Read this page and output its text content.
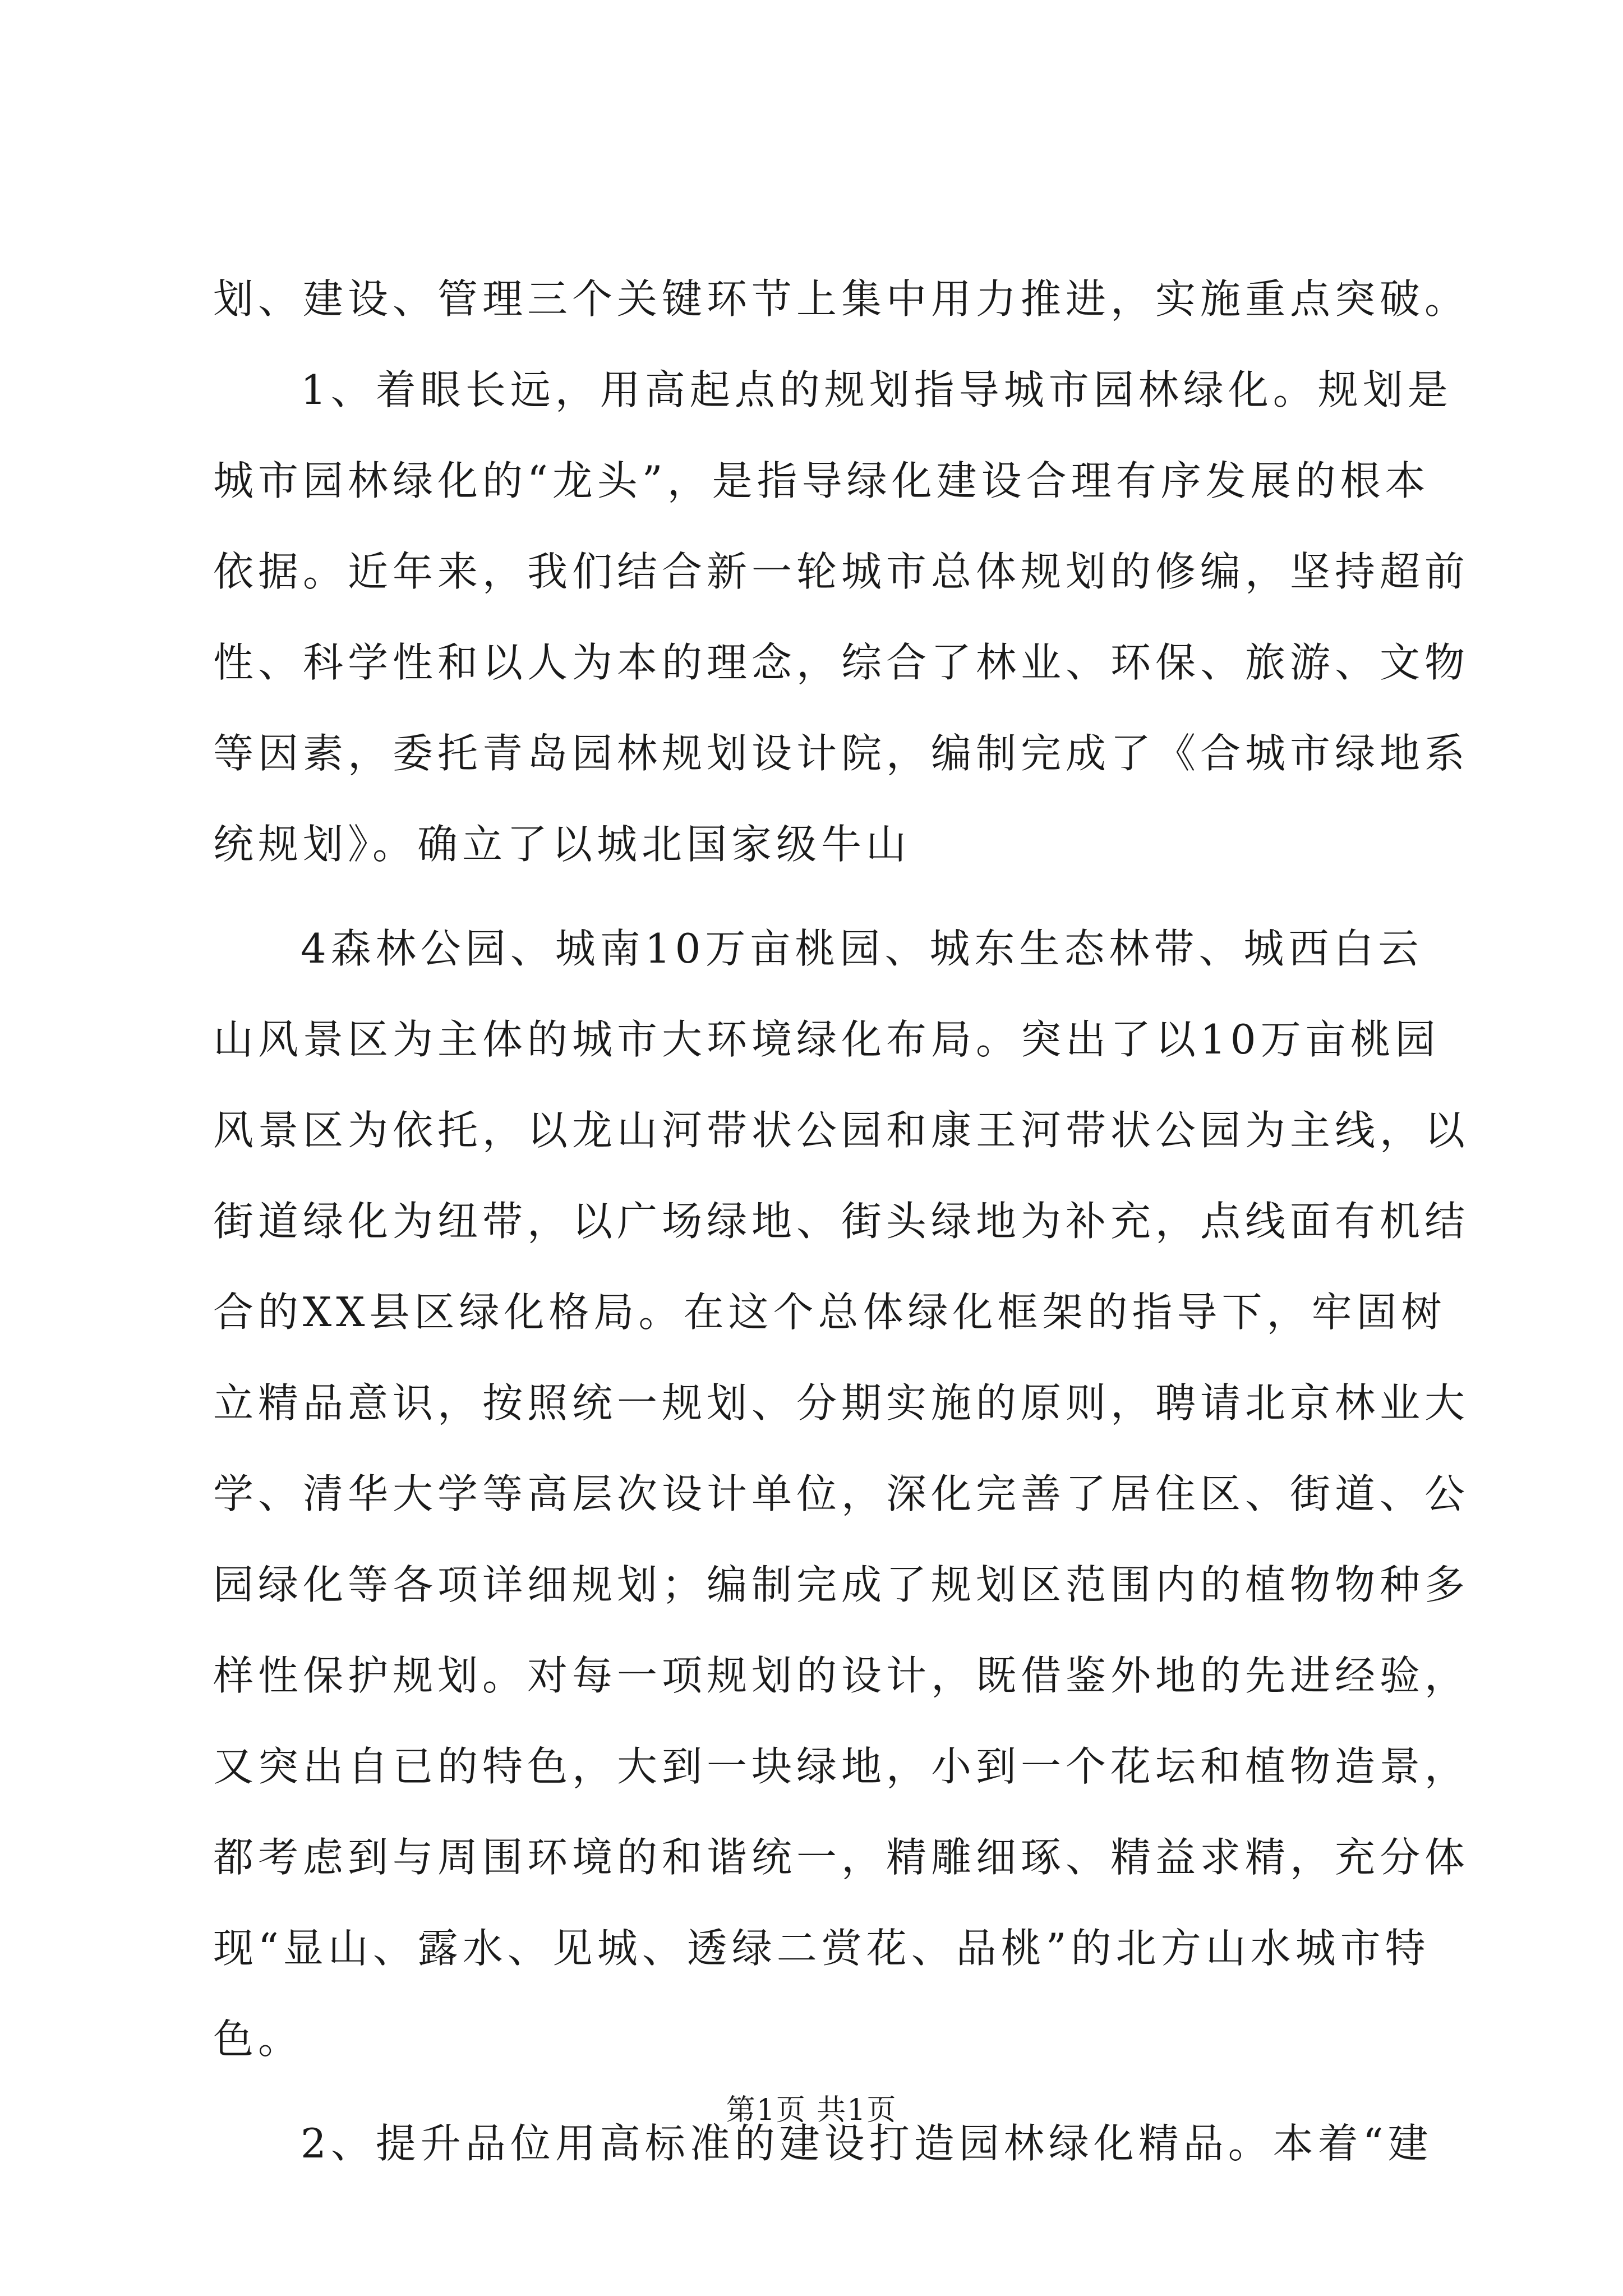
划、建设、管理三个关键环节上集中用力推进，实施重点突破。
1、着眼长远，用高起点的规划指导城市园林绿化。规划是
城市园林绿化的“龙头”，是指导绿化建设合理有序发展的根本
依据。近年来，我们结合新一轮城市总体规划的修编，坚持超前
性、科学性和以人为本的理念，综合了林业、环保、旅游、文物
等因素，委托青岛园林规划设计院，编制完成了《合城市绿地系
统规划》。确立了以城北国家级牛山
4森林公园、城南10万亩桃园、城东生态林带、城西白云
山风景区为主体的城市大环境绿化布局。突出了以10万亩桃园
风景区为依托，以龙山河带状公园和康王河带状公园为主线，以
街道绿化为纽带，以广场绿地、街头绿地为补充，点线面有机结
合的XX县区绿化格局。在这个总体绿化框架的指导下，牢固树
立精品意识，按照统一规划、分期实施的原则，聘请北京林业大
学、清华大学等高层次设计单位，深化完善了居住区、街道、公
园绿化等各项详细规划；编制完成了规划区范围内的植物物种多
样性保护规划。对每一项规划的设计，既借鉴外地的先进经验，
又突出自已的特色，大到一块绿地，小到一个花坛和植物造景，
都考虑到与周围环境的和谐统一，精雕细琢、精益求精，充分体
现“显山、露水、见城、透绿二赏花、品桃”的北方山水城市特
色。
2、提升品位用高标准的建设打造园林绿化精品。本着“建
第1页 共1页
